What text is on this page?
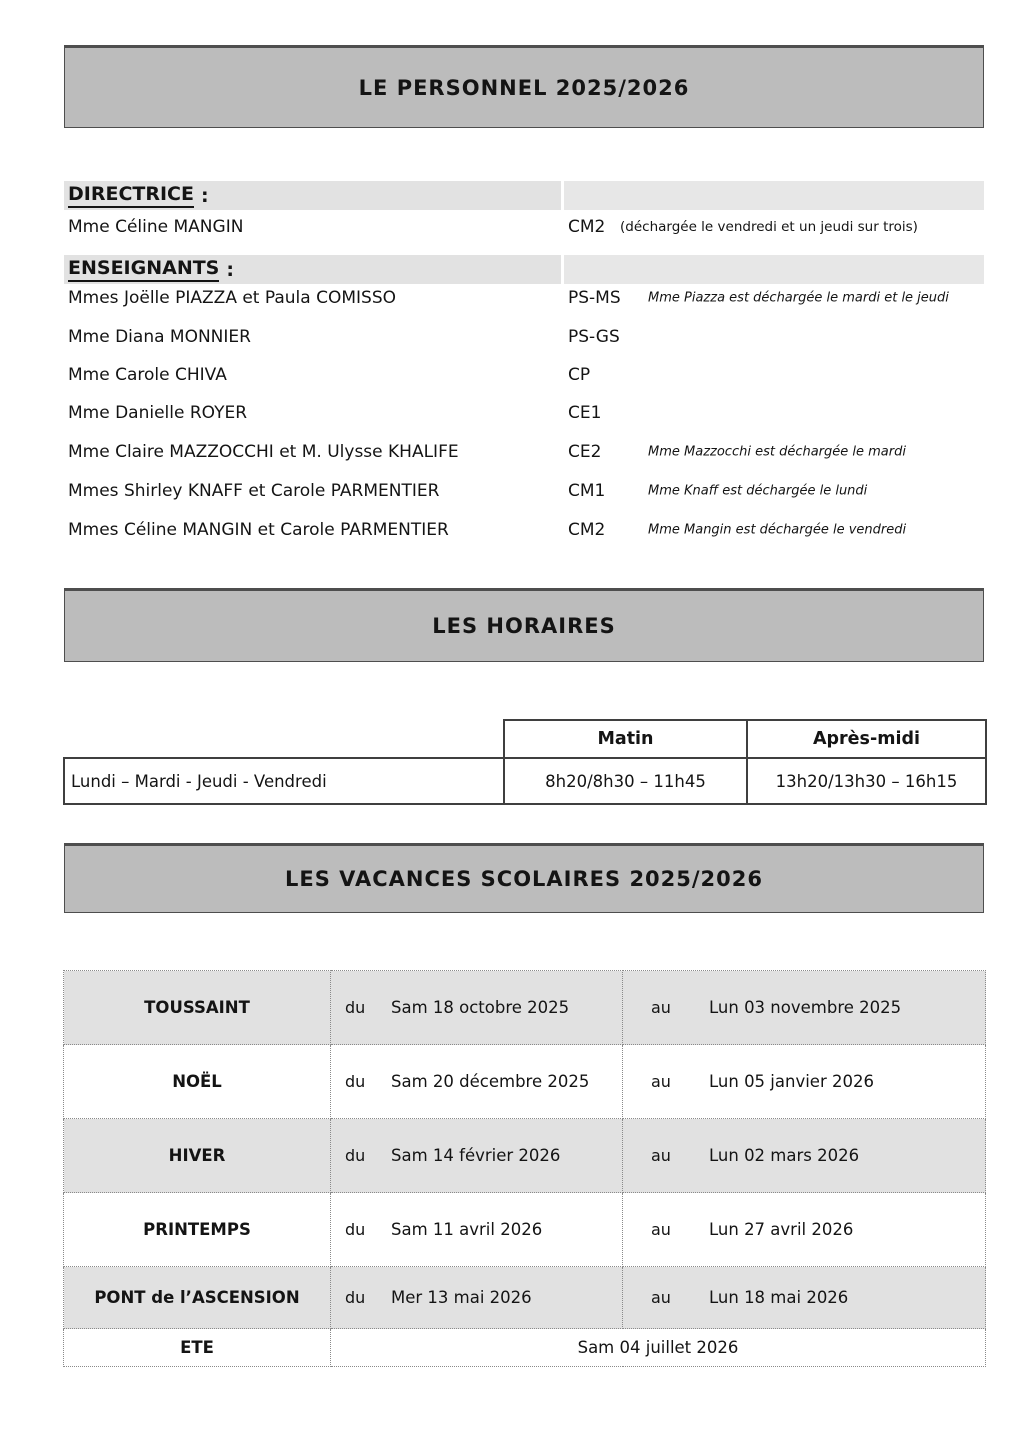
LE PERSONNEL 2025/2026
DIRECTRICE :
Mme Céline MANGIN	CM2 (déchargée le vendredi et un jeudi sur trois)
ENSEIGNANTS :
Mmes Joëlle PIAZZA et Paula COMISSO	PS-MS Mme Piazza est déchargée le mardi et le jeudi
Mme Diana MONNIER	PS-GS
Mme Carole CHIVA	CP
Mme Danielle ROYER	CE1
Mme Claire MAZZOCCHI et M. Ulysse KHALIFE	CE2	Mme Mazzocchi est déchargée le mardi
Mmes Shirley KNAFF et Carole PARMENTIER	CM1	Mme Knaff est déchargée le lundi
Mmes Céline MANGIN et Carole PARMENTIER	CM2	Mme Mangin est déchargée le vendredi
LES HORAIRES
	Matin	Après-midi
Lundi – Mardi - Jeudi - Vendredi	8h20/8h30 – 11h45	13h20/13h30 – 16h15
LES VACANCES SCOLAIRES 2025/2026
TOUSSAINT	du Sam 18 octobre 2025	au Lun 03 novembre 2025
NOËL	du Sam 20 décembre 2025	au Lun 05 janvier 2026
HIVER	du Sam 14 février 2026	au Lun 02 mars 2026
PRINTEMPS	du Sam 11 avril 2026	au Lun 27 avril 2026
PONT de l’ASCENSION	du Mer 13 mai 2026	au Lun 18 mai 2026
ETE	Sam 04 juillet 2026	
